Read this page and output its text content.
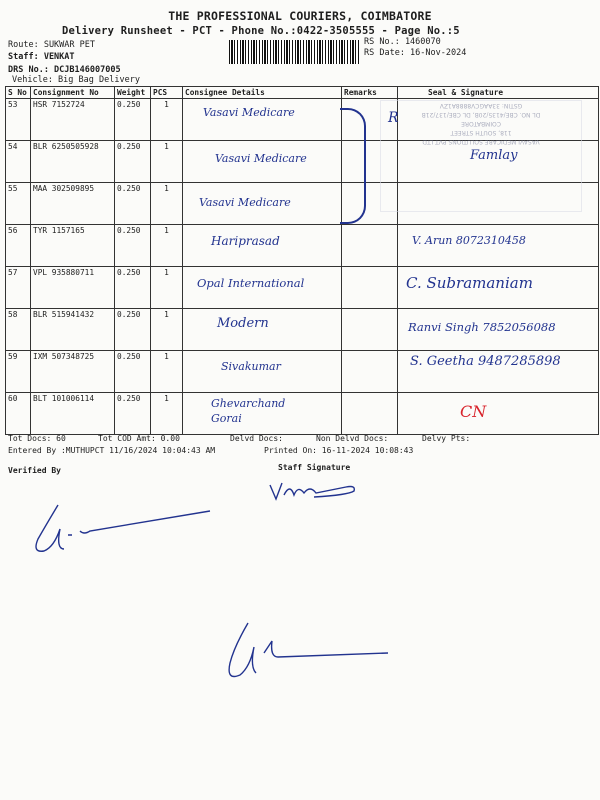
THE PROFESSIONAL COURIERS, COIMBATORE
Delivery Runsheet - PCT - Phone No.:0422-3505555 - Page No.:5
Route: SUKWAR PET
Staff: VENKAT
DRS No.: DCJB146007005
Vehicle: Big Bag Delivery
RS No.: 1460070
RS Date: 16-Nov-2024
S No	Consignment No	Weight	PCS	Consignee Details	Remarks	Seal & Signature
53	HSR 7152724	0.250	1	Vasavi Medicare		

54	BLR 6250505928	0.250	1	Vasavi Medicare		Famlay

55	MAA 302509895	0.250	1	Vasavi Medicare		

56	TYR 1157165	0.250	1	Hariprasad		V. Arun 8072310458

57	VPL 935880711	0.250	1	Opal International		C. Subramaniam

58	BLR 515941432	0.250	1	Modern		Ranvi Singh 7852056088

59	IXM 507348725	0.250	1	Sivakumar		S. Geetha 9487285898

60	BLT 101006114	0.250	1	Ghevarchand Gorai		CN
GSTIN: 33AAGCV8888A1ZV
DL NO. CBE/4135/20B, DL CBE/137/21B
COIMBATORE
118, SOUTH STREET
VASAVI MEDICARE SOLUTIONS PVT LTD
R
Tot Docs: 60	Tot COD Amt: 0.00	Delvd Docs:	Non Delvd Docs:	Delvy Pts:
Entered By :MUTHUPCT 11/16/2024 10:04:43 AM	Printed On: 16-11-2024 10:08:43
Verified By	Staff Signature
